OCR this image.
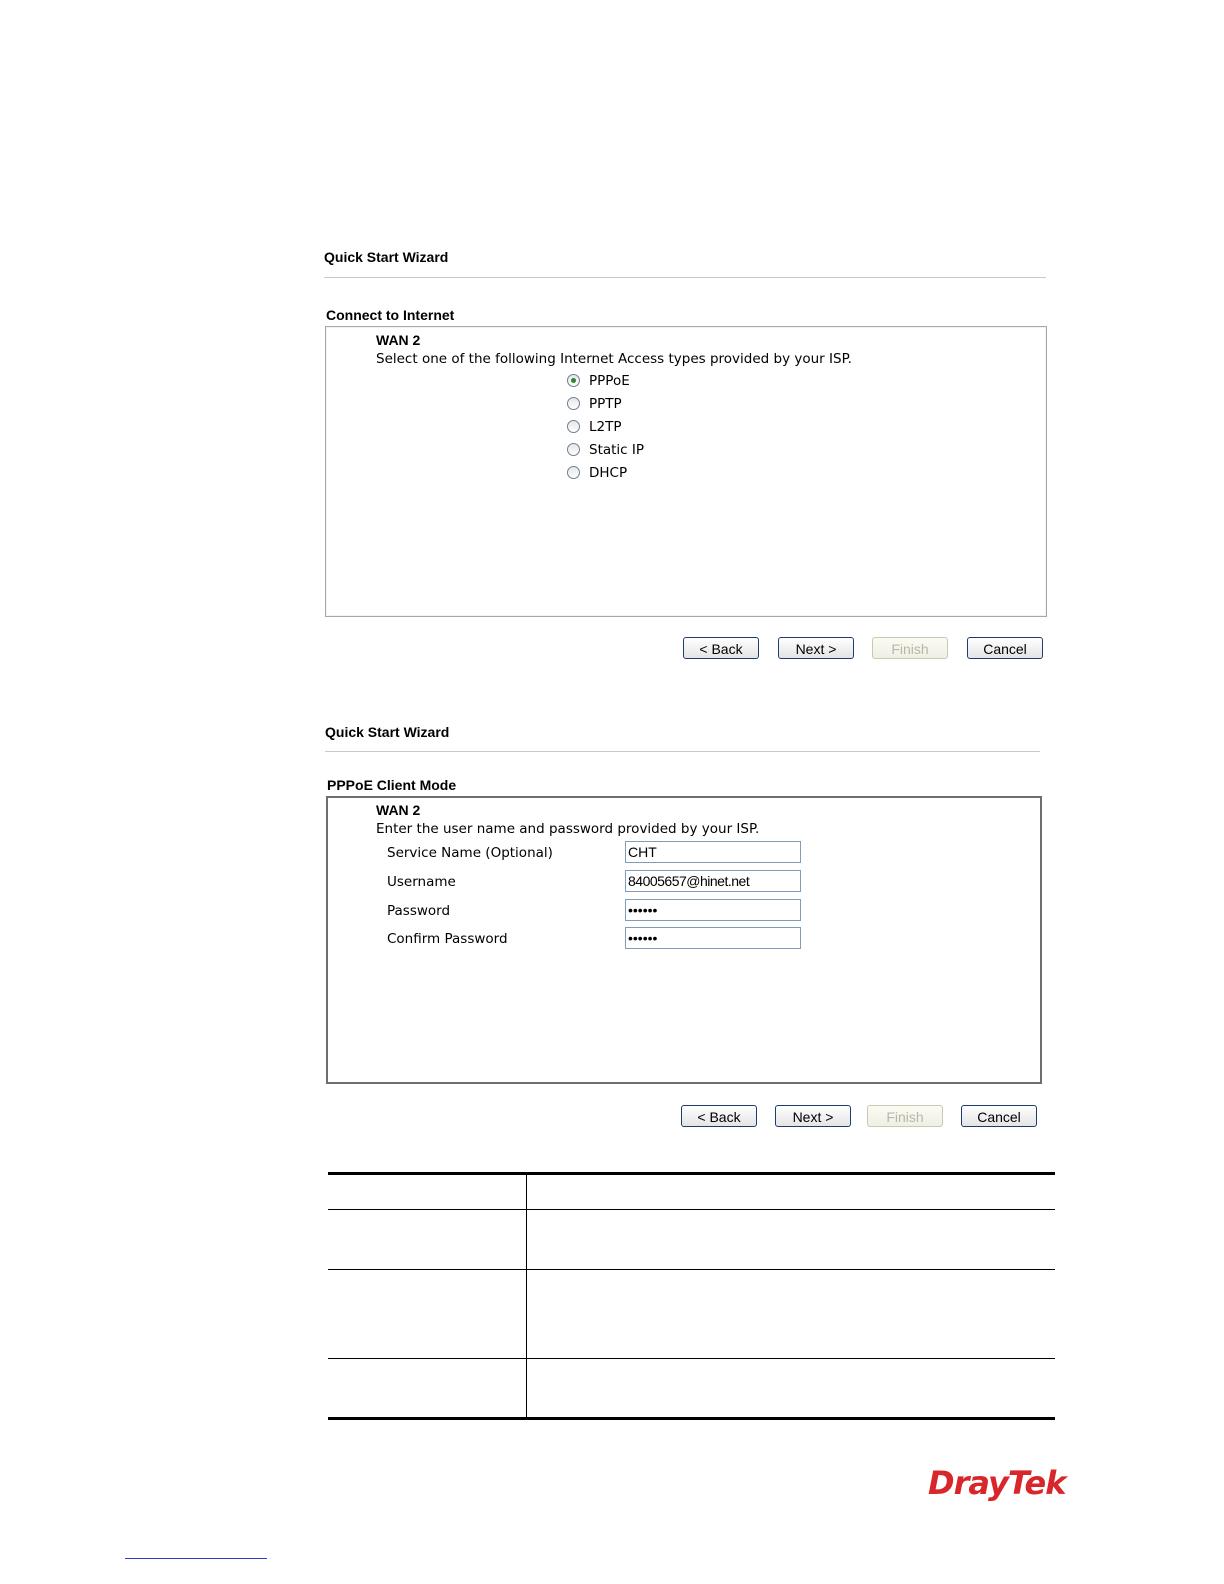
Quick Start Wizard
Connect to Internet
WAN 2
Select one of the following Internet Access types provided by your ISP.
PPPoE
PPTP
L2TP
Static IP
DHCP
< Back	Next >	Finish	Cancel
Quick Start Wizard
PPPoE Client Mode
WAN 2
Enter the user name and password provided by your ISP.
Service Name (Optional)	CHT
Username	84005657@hinet.net
Password	••••••
Confirm Password	••••••
< Back	Next >	Finish	Cancel
DrayTek
